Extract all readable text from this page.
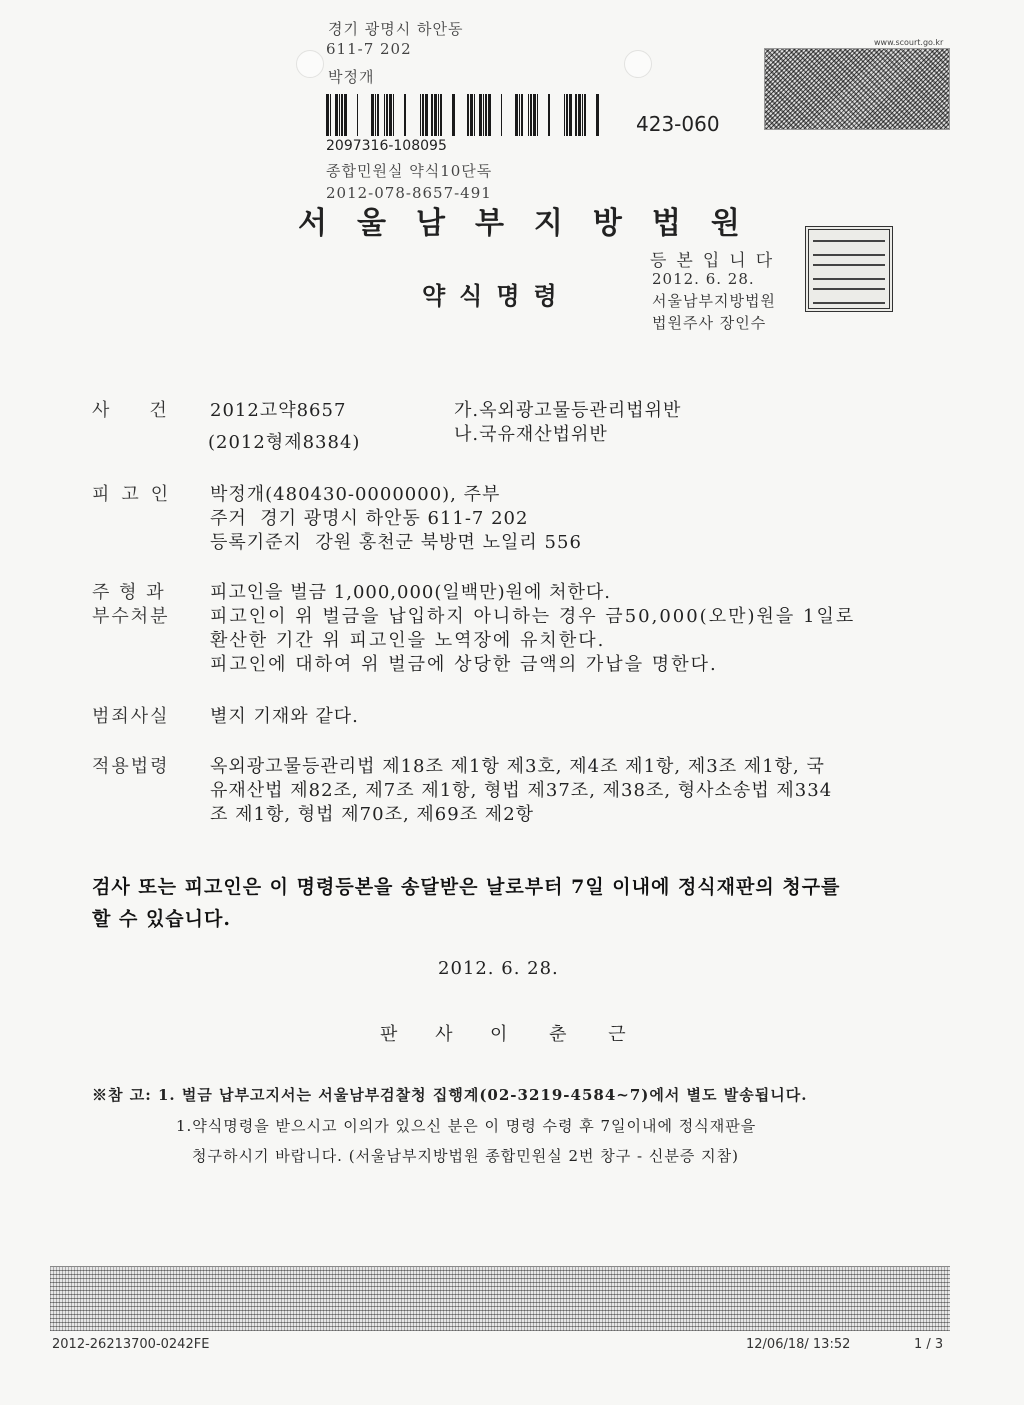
경기 광명시 하안동
611-7 202
박정개
423-060
2097316-108095
종합민원실 약식10단독
2012-078-8657-491
www.scourt.go.kr
서울남부지방법원
약식명령
등본입니다
2012. 6. 28.
서울남부지방법원
법원주사 장인수
사건 2012고약8657
(2012형제8384)
가.옥외광고물등관리법위반
나.국유재산법위반
피고인 박정개(480430-0000000), 주부
주거  경기 광명시 하안동 611-7 202
등록기준지  강원 홍천군 북방면 노일리 556
주 형 과
부수처분
피고인을 벌금 1,000,000(일백만)원에 처한다.
피고인이 위 벌금을 납입하지 아니하는 경우 금50,000(오만)원을 1일로
환산한 기간 위 피고인을 노역장에 유치한다.
피고인에 대하여 위 벌금에 상당한 금액의 가납을 명한다.
범죄사실 별지 기재와 같다.
적용법령 옥외광고물등관리법 제18조 제1항 제3호, 제4조 제1항, 제3조 제1항, 국
유재산법 제82조, 제7조 제1항, 형법 제37조, 제38조, 형사소송법 제334
조 제1항, 형법 제70조, 제69조 제2항
검사 또는 피고인은 이 명령등본을 송달받은 날로부터 7일 이내에 정식재판의 청구를
할 수 있습니다.
2012. 6. 28.
판 사 이 춘 근
※참 고: 1. 벌금 납부고지서는 서울남부검찰청 집행계(02-3219-4584~7)에서 별도 발송됩니다.
1.약식명령을 받으시고 이의가 있으신 분은 이 명령 수령 후 7일이내에 정식재판을
청구하시기 바랍니다. (서울남부지방법원 종합민원실 2번 창구 - 신분증 지참)
2012-26213700-0242FE	12/06/18/ 13:52	1 / 3
